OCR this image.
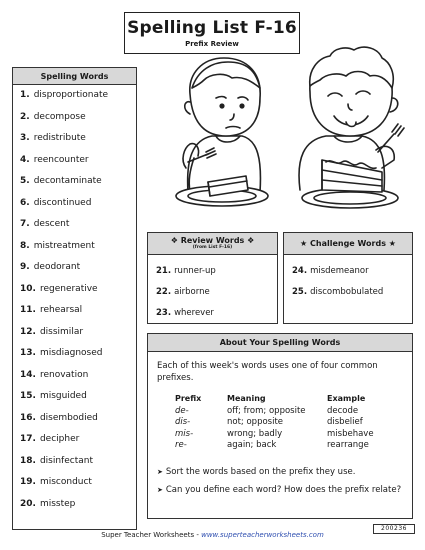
Spelling List F-16
Prefix Review
Spelling Words
1. disproportionate
2. decompose
3. redistribute
4. reencounter
5. decontaminate
6. discontinued
7. descent
8. mistreatment
9. deodorant
10. regenerative
11. rehearsal
12. dissimilar
13. misdiagnosed
14. renovation
15. misguided
16. disembodied
17. decipher
18. disinfectant
19. misconduct
20. misstep
❖ Review Words ❖
(from List F-16)
21. runner-up
22. airborne
23. wherever
★ Challenge Words ★
24. misdemeanor
25. discombobulated
About Your Spelling Words
Each of this week's words uses one of four common prefixes.
Prefix	Meaning	Example
de-	off; from; opposite	decode
dis-	not; opposite	disbelief
mis-	wrong; badly	misbehave
re-	again; back	rearrange
➤ Sort the words based on the prefix they use.
➤ Can you define each word? How does the prefix relate?
200236
Super Teacher Worksheets - www.superteacherworksheets.com
